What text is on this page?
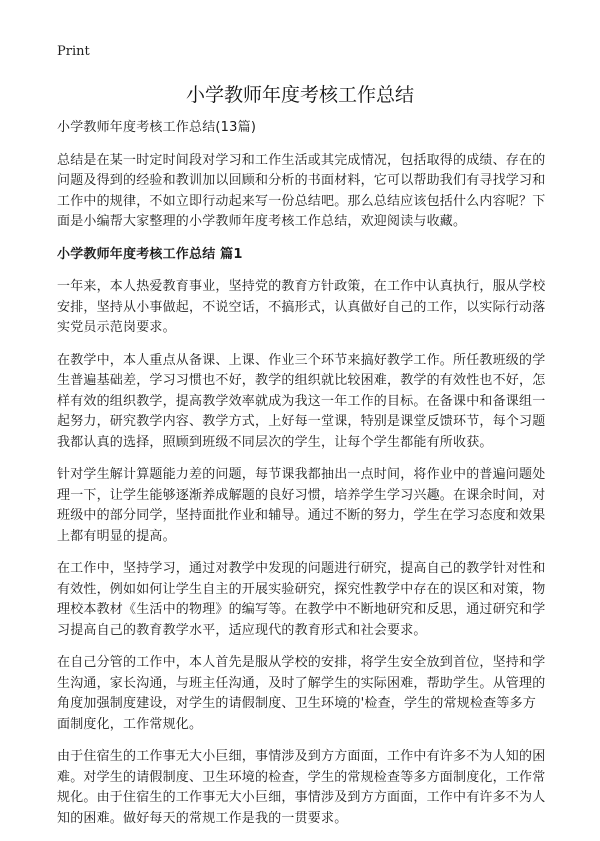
Print
小学教师年度考核工作总结

小学教师年度考核工作总结(13篇)

总结是在某一时定时间段对学习和工作生活或其完成情况，包括取得的成绩、存在的问题及得到的经验和教训加以回顾和分析的书面材料，它可以帮助我们有寻找学习和工作中的规律，不如立即行动起来写一份总结吧。那么总结应该包括什么内容呢？下面是小编帮大家整理的小学教师年度考核工作总结，欢迎阅读与收藏。

小学教师年度考核工作总结 篇1

一年来，本人热爱教育事业，坚持党的教育方针政策，在工作中认真执行，服从学校安排，坚持从小事做起，不说空话，不搞形式，认真做好自己的工作，以实际行动落实党员示范岗要求。

在教学中，本人重点从备课、上课、作业三个环节来搞好教学工作。所任教班级的学生普遍基础差，学习习惯也不好，教学的组织就比较困难，教学的有效性也不好，怎样有效的组织教学，提高教学效率就成为我这一年工作的目标。在备课中和备课组一起努力，研究教学内容、教学方式，上好每一堂课，特别是课堂反馈环节，每个习题我都认真的选择，照顾到班级不同层次的学生，让每个学生都能有所收获。

针对学生解计算题能力差的问题，每节课我都抽出一点时间，将作业中的普遍问题处理一下，让学生能够逐渐养成解题的良好习惯，培养学生学习兴趣。在课余时间，对班级中的部分同学，坚持面批作业和辅导。通过不断的努力，学生在学习态度和效果上都有明显的提高。

在工作中，坚持学习，通过对教学中发现的问题进行研究，提高自己的教学针对性和有效性，例如如何让学生自主的开展实验研究，探究性教学中存在的误区和对策，物理校本教材《生活中的物理》的编写等。在教学中不断地研究和反思，通过研究和学习提高自己的教育教学水平，适应现代的教育形式和社会要求。

在自己分管的工作中，本人首先是服从学校的安排，将学生安全放到首位，坚持和学生沟通，家长沟通，与班主任沟通，及时了解学生的实际困难，帮助学生。从管理的角度加强制度建设，对学生的请假制度、卫生环境的'检查，学生的常规检查等多方面制度化，工作常规化。

由于住宿生的工作事无大小巨细，事情涉及到方方面面，工作中有许多不为人知的困难。对学生的请假制度、卫生环境的检查，学生的常规检查等多方面制度化，工作常规化。由于住宿生的工作事无大小巨细，事情涉及到方方面面，工作中有许多不为人知的困难。做好每天的常规工作是我的一贯要求。
